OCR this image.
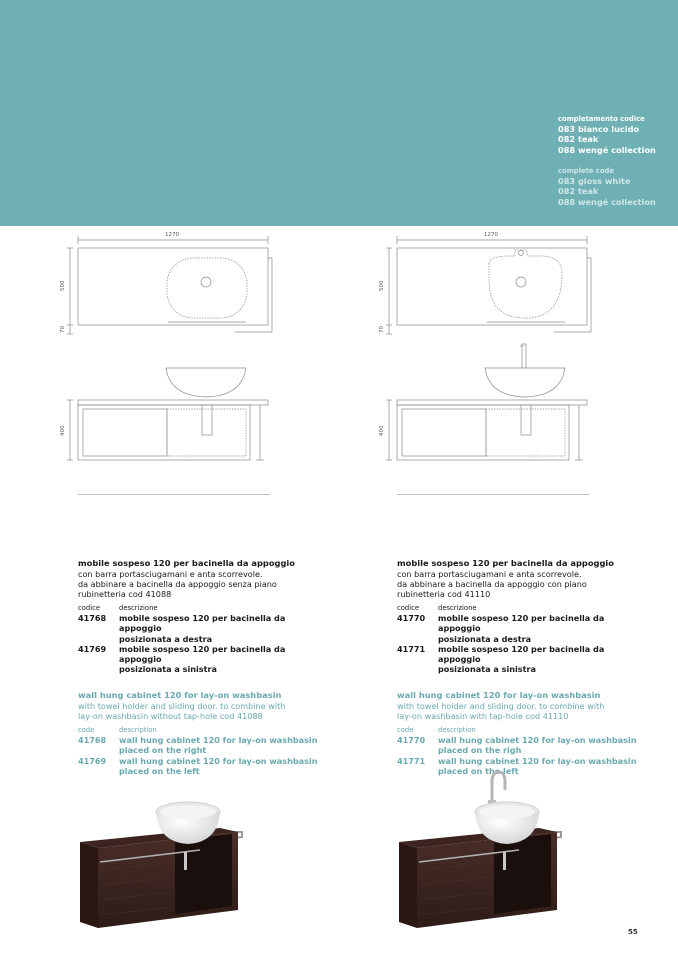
completamento codice
083 bianco lucido
082 teak
088 wengé collection
complete code
083 gloss white
082 teak
088 wengé collection
1270
500
70
400
1270
500
70
400
mobile sospeso 120 per bacinella da appoggio
con barra portasciugamani e anta scorrevole.
da abbinare a bacinella da appoggio senza piano
rubinetteria cod 41088
codice	descrizione
41768	mobile sospeso 120 per bacinella da appoggio
posizionata a destra
41769	mobile sospeso 120 per bacinella da appoggio
posizionata a sinistra
wall hung cabinet 120 for lay-on washbasin
with towel holder and sliding door. to combine with
lay-on washbasin without tap-hole cod 41088
code	description
41768	wall hung cabinet 120 for lay-on washbasin
placed on the right
41769	wall hung cabinet 120 for lay-on washbasin
placed on the left
mobile sospeso 120 per bacinella da appoggio
con barra portasciugamani e anta scorrevole.
da abbinare a bacinella da appoggio con piano
rubinetteria cod 41110
codice	descrizione
41770	mobile sospeso 120 per bacinella da appoggio
posizionata a destra
41771	mobile sospeso 120 per bacinella da appoggio
posizionata a sinistra
wall hung cabinet 120 for lay-on washbasin
with towel holder and sliding door. to combine with
lay-on washbasin with tap-hole cod 41110
code	description
41770	wall hung cabinet 120 for lay-on washbasin
placed on the righ
41771	wall hung cabinet 120 for lay-on washbasin
placed on the left
55
